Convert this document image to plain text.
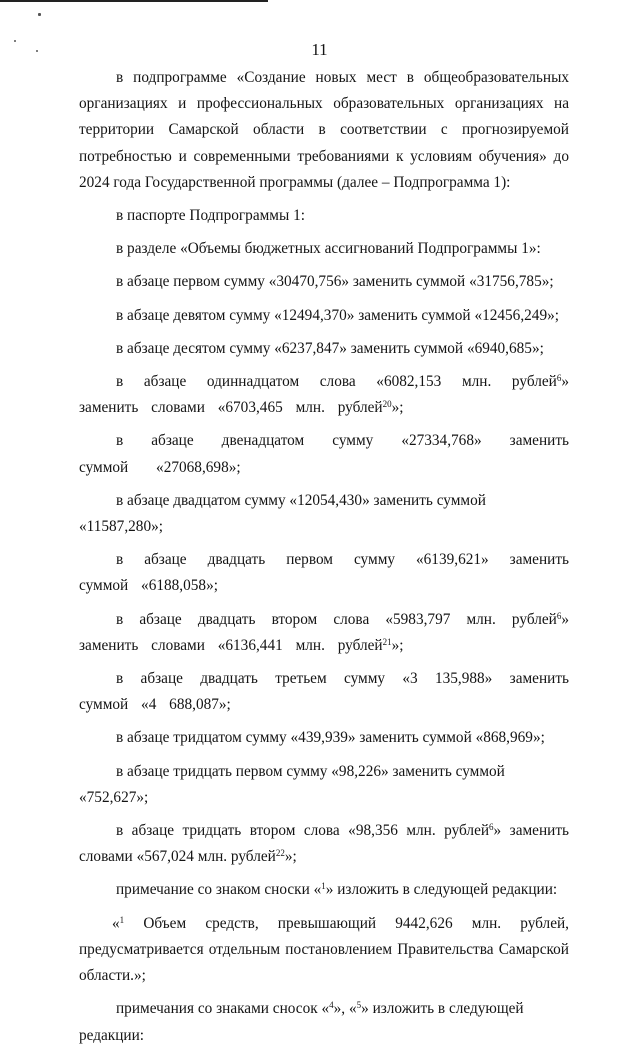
11

в подпрограмме «Создание новых мест в общеобразовательных организациях и профессиональных образовательных организациях на территории Самарской области в соответствии с прогнозируемой потребностью и современными требованиями к условиям обучения» до 2024 года Государственной программы (далее – Подпрограмма 1):

в паспорте Подпрограммы 1:

в разделе «Объемы бюджетных ассигнований Подпрограммы 1»:

в абзаце первом сумму «30470,756» заменить суммой «31756,785»;

в абзаце девятом сумму «12494,370» заменить суммой «12456,249»;

в абзаце десятом сумму «6237,847» заменить суммой «6940,685»;

в абзаце одиннадцатом слова «6082,153 млн. рублей$^6$» заменить словами «6703,465 млн. рублей$^{20}$»;

в абзаце двенадцатом сумму «27334,768» заменить суммой «27068,698»;

в абзаце двадцатом сумму «12054,430» заменить суммой «11587,280»;

в абзаце двадцать первом сумму «6139,621» заменить суммой «6188,058»;

в абзаце двадцать втором слова «5983,797 млн. рублей$^6$» заменить словами «6136,441 млн. рублей$^{21}$»;

в абзаце двадцать третьем сумму «3 135,988» заменить суммой «4 688,087»;

в абзаце тридцатом сумму «439,939» заменить суммой «868,969»;

в абзаце тридцать первом сумму «98,226» заменить суммой «752,627»;

в абзаце тридцать втором слова «98,356 млн. рублей$^6$» заменить словами «567,024 млн. рублей$^{22}$»;

примечание со знаком сноски «$^1$» изложить в следующей редакции:

«$^1$ Объем средств, превышающий 9442,626 млн. рублей, предусматривается отдельным постановлением Правительства Самарской области.»;

примечания со знаками сносок «$^4$», «$^5$» изложить в следующей редакции:
